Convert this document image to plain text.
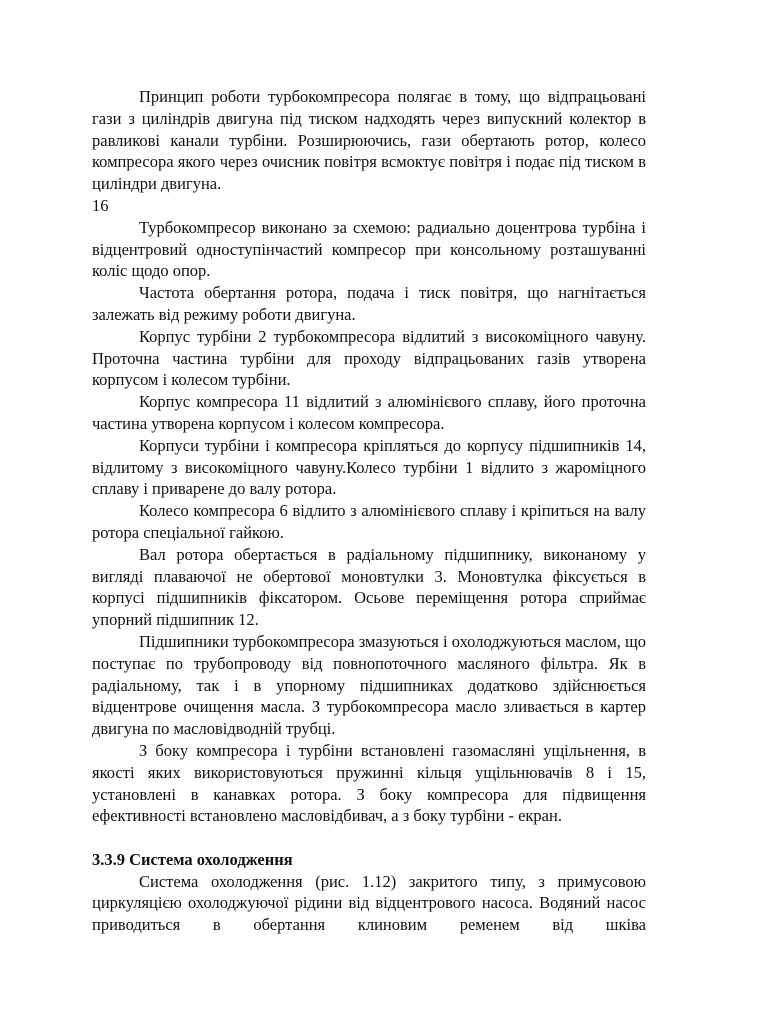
Принцип роботи турбокомпресора полягає в тому, що відпрацьовані гази з циліндрів двигуна під тиском надходять через випускний колектор в равликові канали турбіни. Розширюючись, гази обертають ротор, колесо компресора якого через очисник повітря всмоктує повітря і подає під тиском в циліндри двигуна.

16

Турбокомпресор виконано за схемою: радиально доцентрова турбіна і відцентровий одноступінчастий компресор при консольному розташуванні коліс щодо опор.

Частота обертання ротора, подача і тиск повітря, що нагнітається залежать від режиму роботи двигуна.

Корпус турбіни 2 турбокомпресора відлитий з високоміцного чавуну. Проточна частина турбіни для проходу відпрацьованих газів утворена корпусом і колесом турбіни.

Корпус компресора 11 відлитий з алюмінієвого сплаву, його проточна частина утворена корпусом і колесом компресора.

Корпуси турбіни і компресора кріпляться до корпусу підшипників 14, відлитому з високоміцного чавуну.Колесо турбіни 1 відлито з жароміцного сплаву і приварене до валу ротора.

Колесо компресора 6 відлито з алюмінієвого сплаву і кріпиться на валу ротора спеціальної гайкою.

Вал ротора обертається в радіальному підшипнику, виконаному у вигляді плаваючої не обертової моновтулки 3. Моновтулка фіксується в корпусі підшипників фіксатором. Осьове переміщення ротора сприймає упорний підшипник 12.

Підшипники турбокомпресора змазуються і охолоджуються маслом, що поступає по трубопроводу від повнопоточного масляного фільтра. Як в радіальному, так і в упорному підшипниках додатково здійснюється відцентрове очищення масла. З турбокомпресора масло зливається в картер двигуна по масловідводній трубці.

З боку компресора і турбіни встановлені газомасляні ущільнення, в якості яких використовуються пружинні кільця ущільнювачів 8 і 15, установлені в канавках ротора. З боку компресора для підвищення ефективності встановлено масловідбивач, а з боку турбіни - екран.

3.3.9 Система охолодження

Система охолодження (рис. 1.12) закритого типу, з примусовою циркуляцією охолоджуючої рідини від відцентрового насоса. Водяний насос приводиться в обертання клиновим ременем від шківа
